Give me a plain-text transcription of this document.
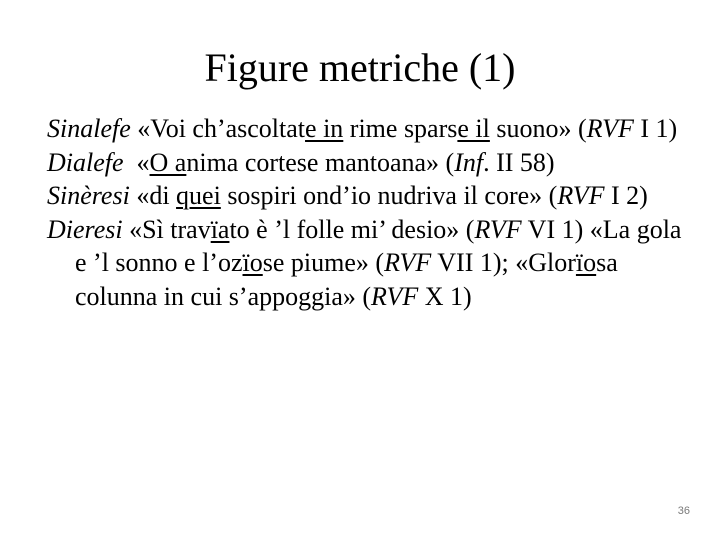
Figure metriche (1)

Sinalefe «Voi ch’ascoltate in rime sparse il suono» (RVF I 1)

Dialefe  «O anima cortese mantoana» (Inf. II 58)

Sinèresi «di quei sospiri ond’io nudriva il core» (RVF I 2)

Dieresi «Sì travïato è ’l folle mi’ desio» (RVF VI 1) «La gola e ’l sonno e l’ozïose piume» (RVF VII 1); «Glorïosa colunna in cui s’appoggia» (RVF X 1)

36
